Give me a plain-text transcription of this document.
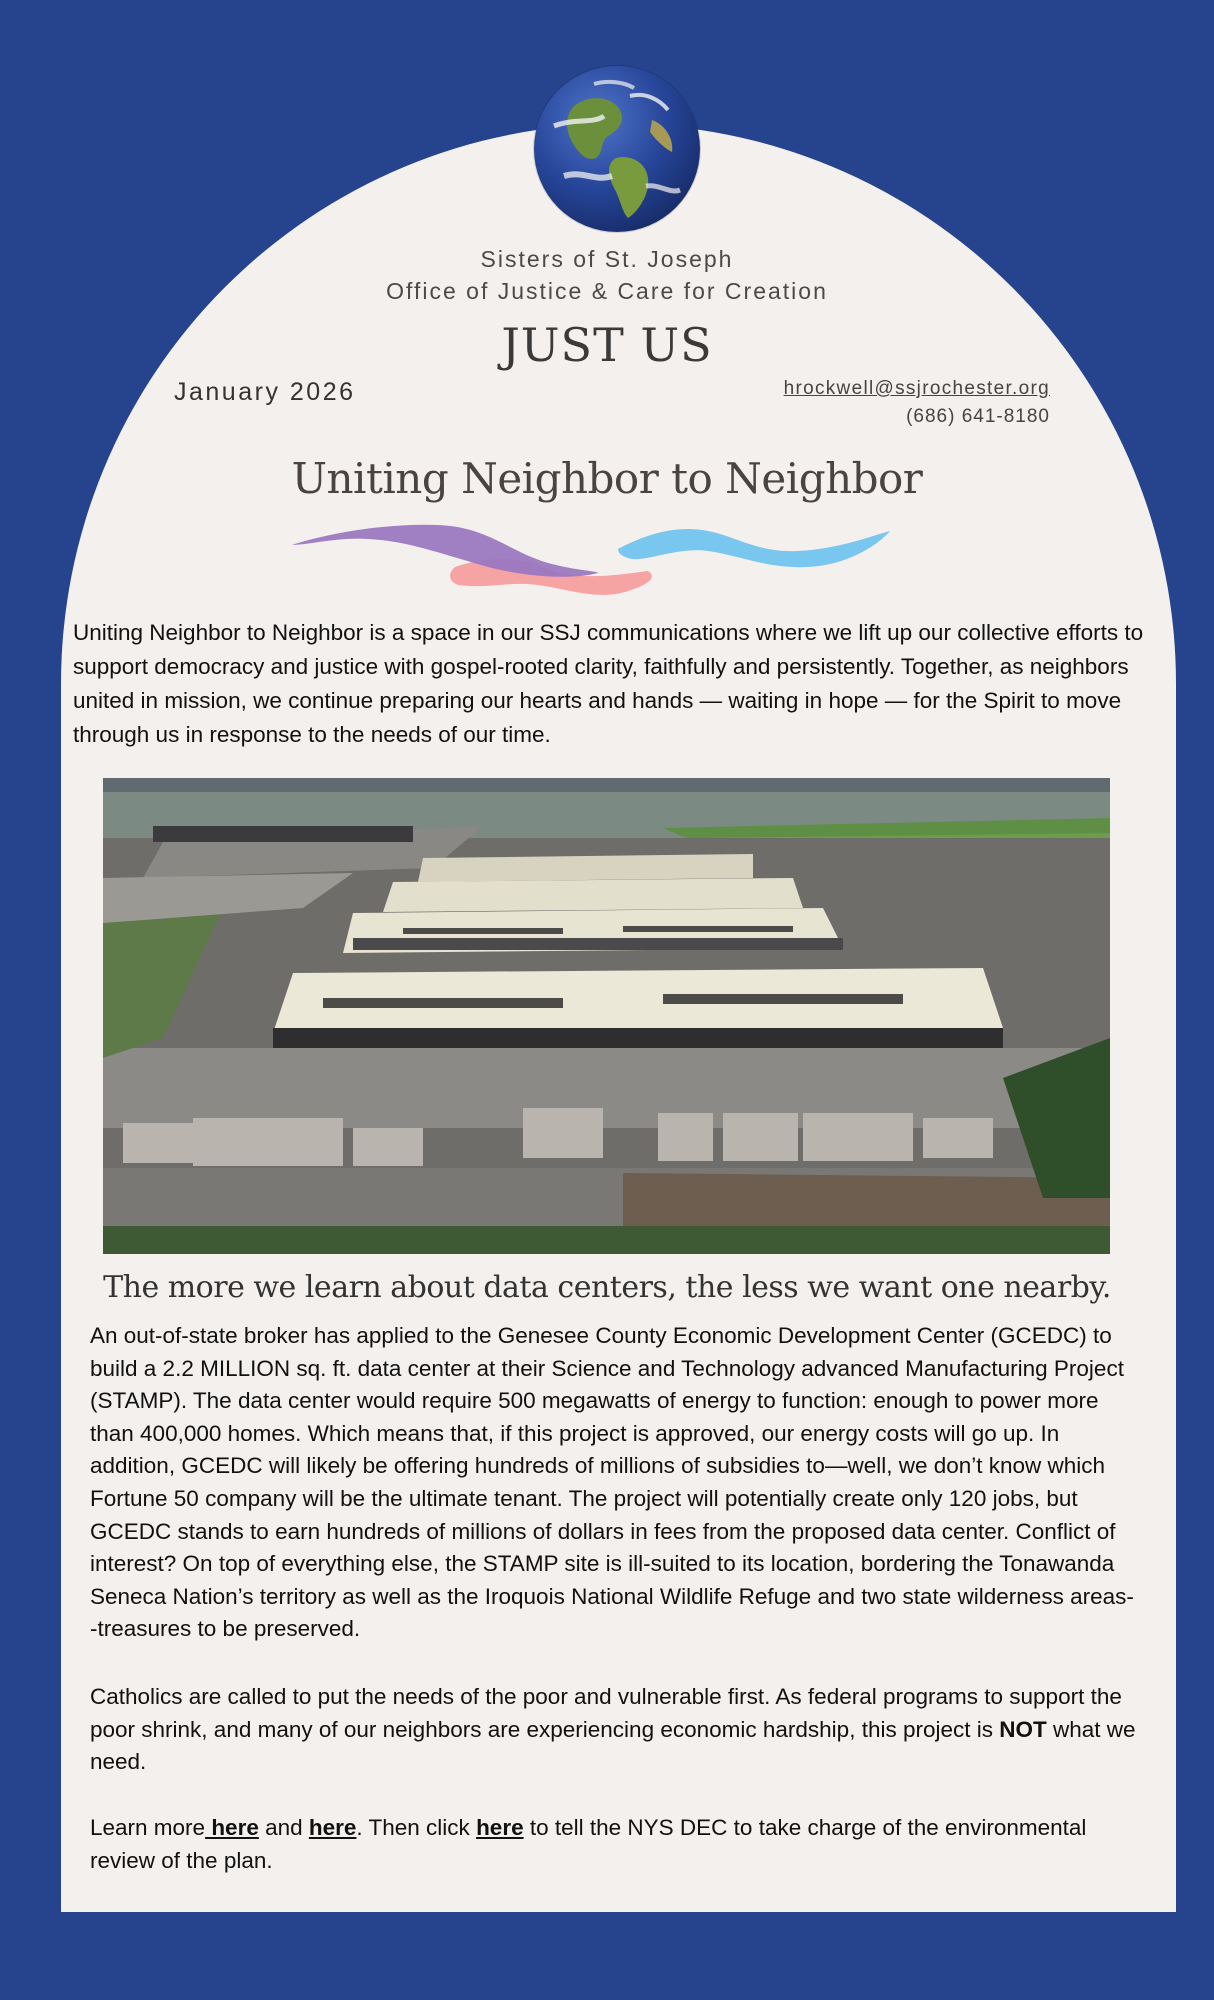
Sisters of St. Joseph
Office of Justice & Care for Creation
JUST US
January 2026	hrockwell@ssjrochester.org
(686) 641-8180
Uniting Neighbor to Neighbor
Uniting Neighbor to Neighbor is a space in our SSJ communications where we lift up our collective efforts to support democracy and justice with gospel-rooted clarity, faithfully and persistently. Together, as neighbors united in mission, we continue preparing our hearts and hands — waiting in hope — for the Spirit to move through us in response to the needs of our time.
The more we learn about data centers, the less we want one nearby.
An out-of-state broker has applied to the Genesee County Economic Development Center (GCEDC) to build a 2.2 MILLION sq. ft. data center at their Science and Technology advanced Manufacturing Project (STAMP). The data center would require 500 megawatts of energy to function: enough to power more than 400,000 homes. Which means that, if this project is approved, our energy costs will go up. In addition, GCEDC will likely be offering hundreds of millions of subsidies to—well, we don’t know which Fortune 50 company will be the ultimate tenant. The project will potentially create only 120 jobs, but GCEDC stands to earn hundreds of millions of dollars in fees from the proposed data center. Conflict of interest? On top of everything else, the STAMP site is ill-suited to its location, bordering the Tonawanda Seneca Nation’s territory as well as the Iroquois National Wildlife Refuge and two state wilderness areas--treasures to be preserved.
Catholics are called to put the needs of the poor and vulnerable first. As federal programs to support the poor shrink, and many of our neighbors are experiencing economic hardship, this project is NOT what we need.
Learn more here and here. Then click here to tell the NYS DEC to take charge of the environmental review of the plan.
